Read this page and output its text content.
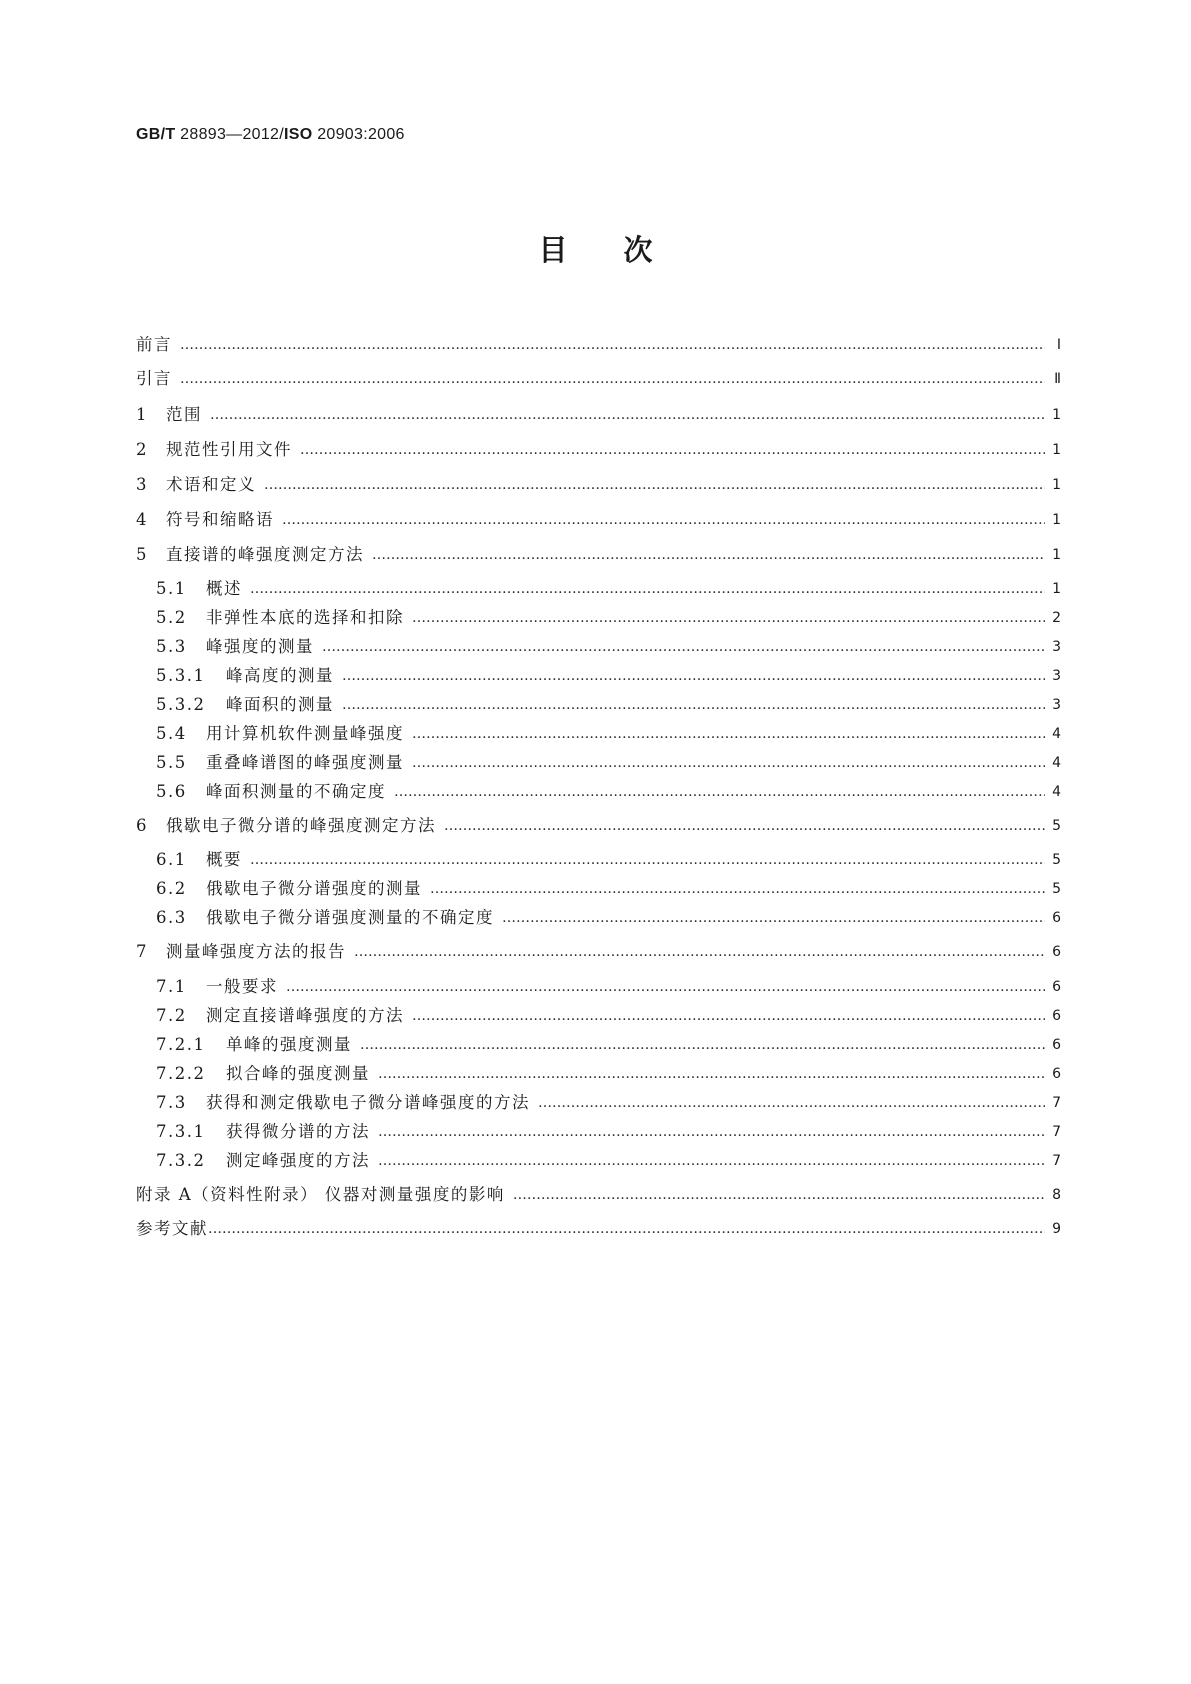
GB/T 28893—2012/ISO 20903:2006
目次
前言 …………………………………………………………………………………………………………………………………………………………………………………………………………………………	Ⅰ
引言 …………………………………………………………………………………………………………………………………………………………………………………………………………………………	Ⅱ
1	范围 …………………………………………………………………………………………………………………………………………………………………………………………………………………………	1
2	规范性引用文件 …………………………………………………………………………………………………………………………………………………………………………………………………………………………	1
3	术语和定义 …………………………………………………………………………………………………………………………………………………………………………………………………………………………	1
4	符号和缩略语 …………………………………………………………………………………………………………………………………………………………………………………………………………………………	1
5	直接谱的峰强度测定方法 …………………………………………………………………………………………………………………………………………………………………………………………………………………………	1
5.1	概述 …………………………………………………………………………………………………………………………………………………………………………………………………………………………	1
5.2	非弹性本底的选择和扣除 …………………………………………………………………………………………………………………………………………………………………………………………………………………………	2
5.3	峰强度的测量 …………………………………………………………………………………………………………………………………………………………………………………………………………………………	3
5.3.1	峰高度的测量 …………………………………………………………………………………………………………………………………………………………………………………………………………………………	3
5.3.2	峰面积的测量 …………………………………………………………………………………………………………………………………………………………………………………………………………………………	3
5.4	用计算机软件测量峰强度 …………………………………………………………………………………………………………………………………………………………………………………………………………………………	4
5.5	重叠峰谱图的峰强度测量 …………………………………………………………………………………………………………………………………………………………………………………………………………………………	4
5.6	峰面积测量的不确定度 …………………………………………………………………………………………………………………………………………………………………………………………………………………………	4
6	俄歇电子微分谱的峰强度测定方法 …………………………………………………………………………………………………………………………………………………………………………………………………………………………	5
6.1	概要 …………………………………………………………………………………………………………………………………………………………………………………………………………………………	5
6.2	俄歇电子微分谱强度的测量 …………………………………………………………………………………………………………………………………………………………………………………………………………………………	5
6.3	俄歇电子微分谱强度测量的不确定度 …………………………………………………………………………………………………………………………………………………………………………………………………………………………	6
7	测量峰强度方法的报告 …………………………………………………………………………………………………………………………………………………………………………………………………………………………	6
7.1	一般要求 …………………………………………………………………………………………………………………………………………………………………………………………………………………………	6
7.2	测定直接谱峰强度的方法 …………………………………………………………………………………………………………………………………………………………………………………………………………………………	6
7.2.1	单峰的强度测量 …………………………………………………………………………………………………………………………………………………………………………………………………………………………	6
7.2.2	拟合峰的强度测量 …………………………………………………………………………………………………………………………………………………………………………………………………………………………	6
7.3	获得和测定俄歇电子微分谱峰强度的方法 …………………………………………………………………………………………………………………………………………………………………………………………………………………………	7
7.3.1	获得微分谱的方法 …………………………………………………………………………………………………………………………………………………………………………………………………………………………	7
7.3.2	测定峰强度的方法 …………………………………………………………………………………………………………………………………………………………………………………………………………………………	7
附录 A（资料性附录） 仪器对测量强度的影响 …………………………………………………………………………………………………………………………………………………………………………………………………………………………	8
参考文献 …………………………………………………………………………………………………………………………………………………………………………………………………………………………	9
